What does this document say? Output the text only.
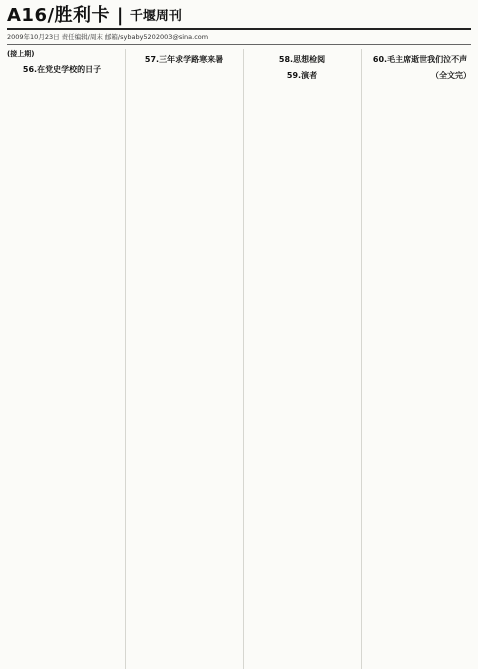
A16/胜利卡 | 千堰周刊
2009年10月23日 责任编辑/周末 邮箱/sybaby5202003@sina.com
(接上期)
56.在党史学校的日子
57.三年求学路寒来暑	58.思想检阅
59.演者
60.毛主席逝世我们泣不声
（全文完）
